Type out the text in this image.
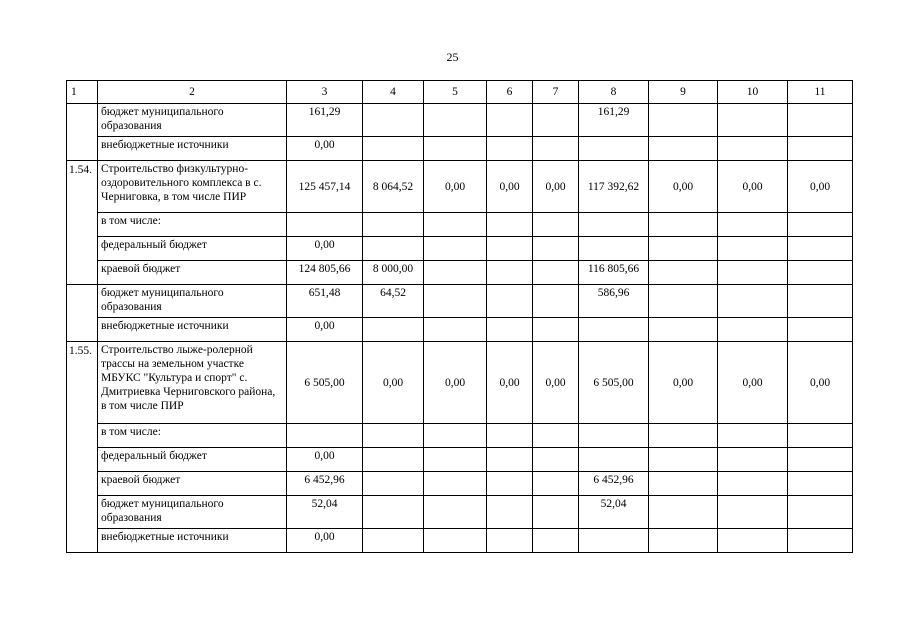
25
1	2	3	4	5	6	7	8	9	10	11
	бюджет муниципального образования	161,29					161,29			
	внебюджетные источники	0,00								
1.54.	Строительство физкультурно-оздоровительного комплекса в с. Черниговка, в том числе ПИР	125 457,14	8 064,52	0,00	0,00	0,00	117 392,62	0,00	0,00	0,00
	в том числе:									
	федеральный бюджет	0,00								
	краевой бюджет	124 805,66	8 000,00				116 805,66			
	бюджет муниципального образования	651,48	64,52				586,96			
	внебюджетные источники	0,00								
1.55.	Строительство лыже-ролерной трассы на земельном участке МБУКС "Культура и спорт" с. Дмитриевка Черниговского района, в том числе ПИР	6 505,00	0,00	0,00	0,00	0,00	6 505,00	0,00	0,00	0,00
	в том числе:									
	федеральный бюджет	0,00								
	краевой бюджет	6 452,96					6 452,96			
	бюджет муниципального образования	52,04					52,04			
	внебюджетные источники	0,00								
